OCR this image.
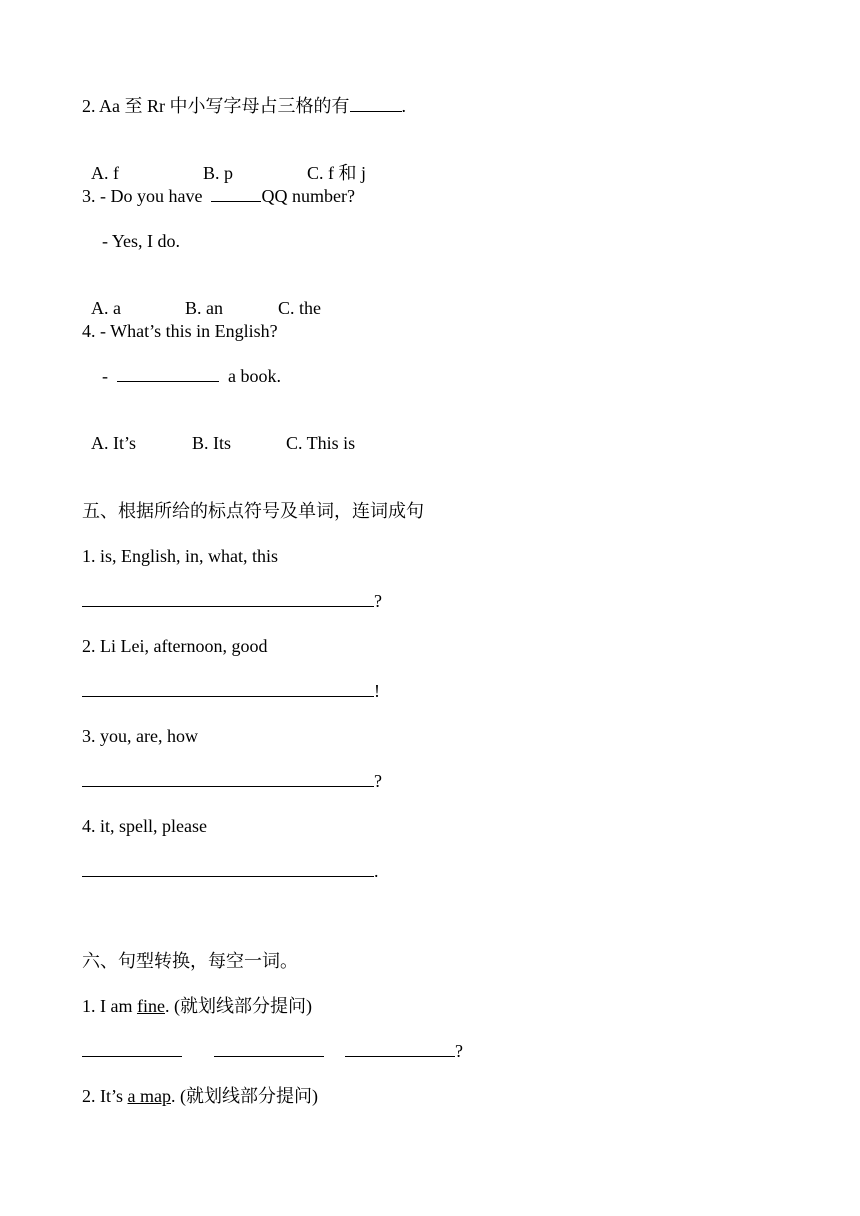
2. Aa 至 Rr 中小写字母占三格的有	.

A. f	B. p	C. f 和 j

3. - Do you have	QQ number?
- Yes, I do.

A. a	B. an	C. the

4. - What’s this in English?
-	a book.

A. It’s	B. Its	C. This is

五、根据所给的标点符号及单词，连词成句
1. is, English, in, what, this
?
2. Li Lei, afternoon, good
!
3. you, are, how
?
4. it, spell, please
.
六、句型转换，每空一词。
1. I am fine. (就划线部分提问)
?
2. It’s a map. (就划线部分提问)
